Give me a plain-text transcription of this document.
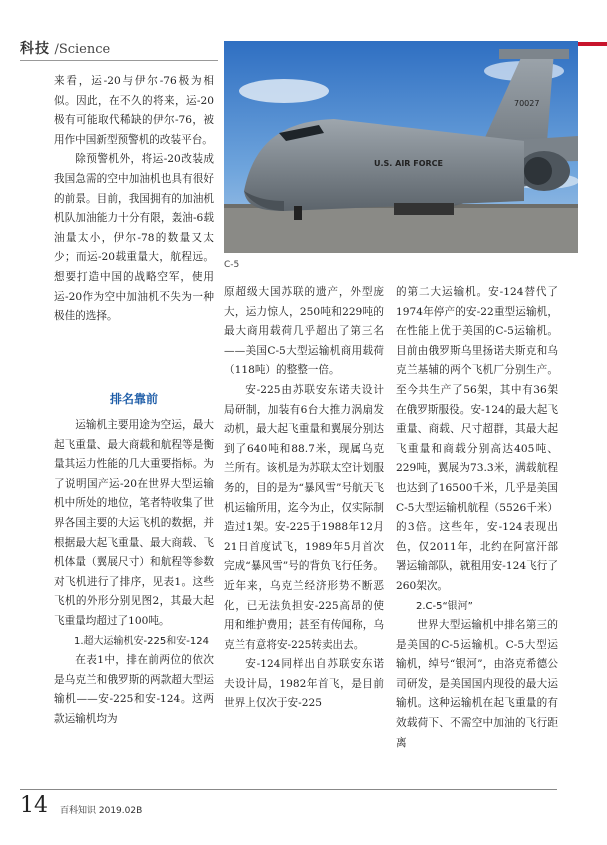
科技 /Science
U.S. AIR FORCE
70027
C-5

来看，运-20与伊尔-76极为相似。因此，在不久的将来，运-20极有可能取代稀缺的伊尔-76，被用作中国新型预警机的改装平台。

除预警机外，将运-20改装成我国急需的空中加油机也具有很好的前景。目前，我国拥有的加油机机队加油能力十分有限，轰油-6载油量太小，伊尔-78的数量又太少；而运-20载重量大，航程远。想要打造中国的战略空军，使用运-20作为空中加油机不失为一种极佳的选择。

排名靠前

运输机主要用途为空运，最大起飞重量、最大商载和航程等是衡量其运力性能的几大重要指标。为了说明国产运-20在世界大型运输机中所处的地位，笔者特收集了世界各国主要的大运飞机的数据，并根据最大起飞重量、最大商载、飞机体量（翼展尺寸）和航程等参数对飞机进行了排序，见表1。这些飞机的外形分别见图2，其最大起飞重量均超过了100吨。

1.超大运输机安-225和安-124

在表1中，排在前两位的依次是乌克兰和俄罗斯的两款超大型运输机——安-225和安-124。这两款运输机均为

原超级大国苏联的遗产，外型庞大，运力惊人，250吨和229吨的最大商用载荷几乎超出了第三名——美国C-5大型运输机商用载荷（118吨）的整整一倍。

安-225由苏联安东诺夫设计局研制，加装有6台大推力涡扇发动机，最大起飞重量和翼展分别达到了640吨和88.7米，现属乌克兰所有。该机是为苏联太空计划服务的，目的是为“暴风雪”号航天飞机运输所用，迄今为止，仅实际制造过1架。安-225于1988年12月21日首度试飞，1989年5月首次完成“暴风雪”号的背负飞行任务。近年来，乌克兰经济形势不断恶化，已无法负担安-225高昂的使用和维护费用；甚至有传闻称，乌克兰有意将安-225转卖出去。

安-124同样出自苏联安东诺夫设计局，1982年首飞，是目前世界上仅次于安-225

的第二大运输机。安-124替代了1974年停产的安-22重型运输机，在性能上优于美国的C-5运输机。目前由俄罗斯乌里扬诺夫斯克和乌克兰基辅的两个飞机厂分别生产。至今共生产了56架，其中有36架在俄罗斯服役。安-124的最大起飞重量、商载、尺寸超群，其最大起飞重量和商载分别高达405吨、229吨，翼展为73.3米，满载航程也达到了16500千米，几乎是美国C-5大型运输机航程（5526千米）的3倍。这些年，安-124表现出色，仅2011年，北约在阿富汗部署运输部队，就租用安-124飞行了260架次。

2.C-5“银河”

世界大型运输机中排名第三的是美国的C-5运输机。C-5大型运输机，绰号“银河”，由洛克希德公司研发，是美国国内现役的最大运输机。这种运输机在起飞重量的有效载荷下、不需空中加油的飞行距离

14 百科知识 2019.02B
